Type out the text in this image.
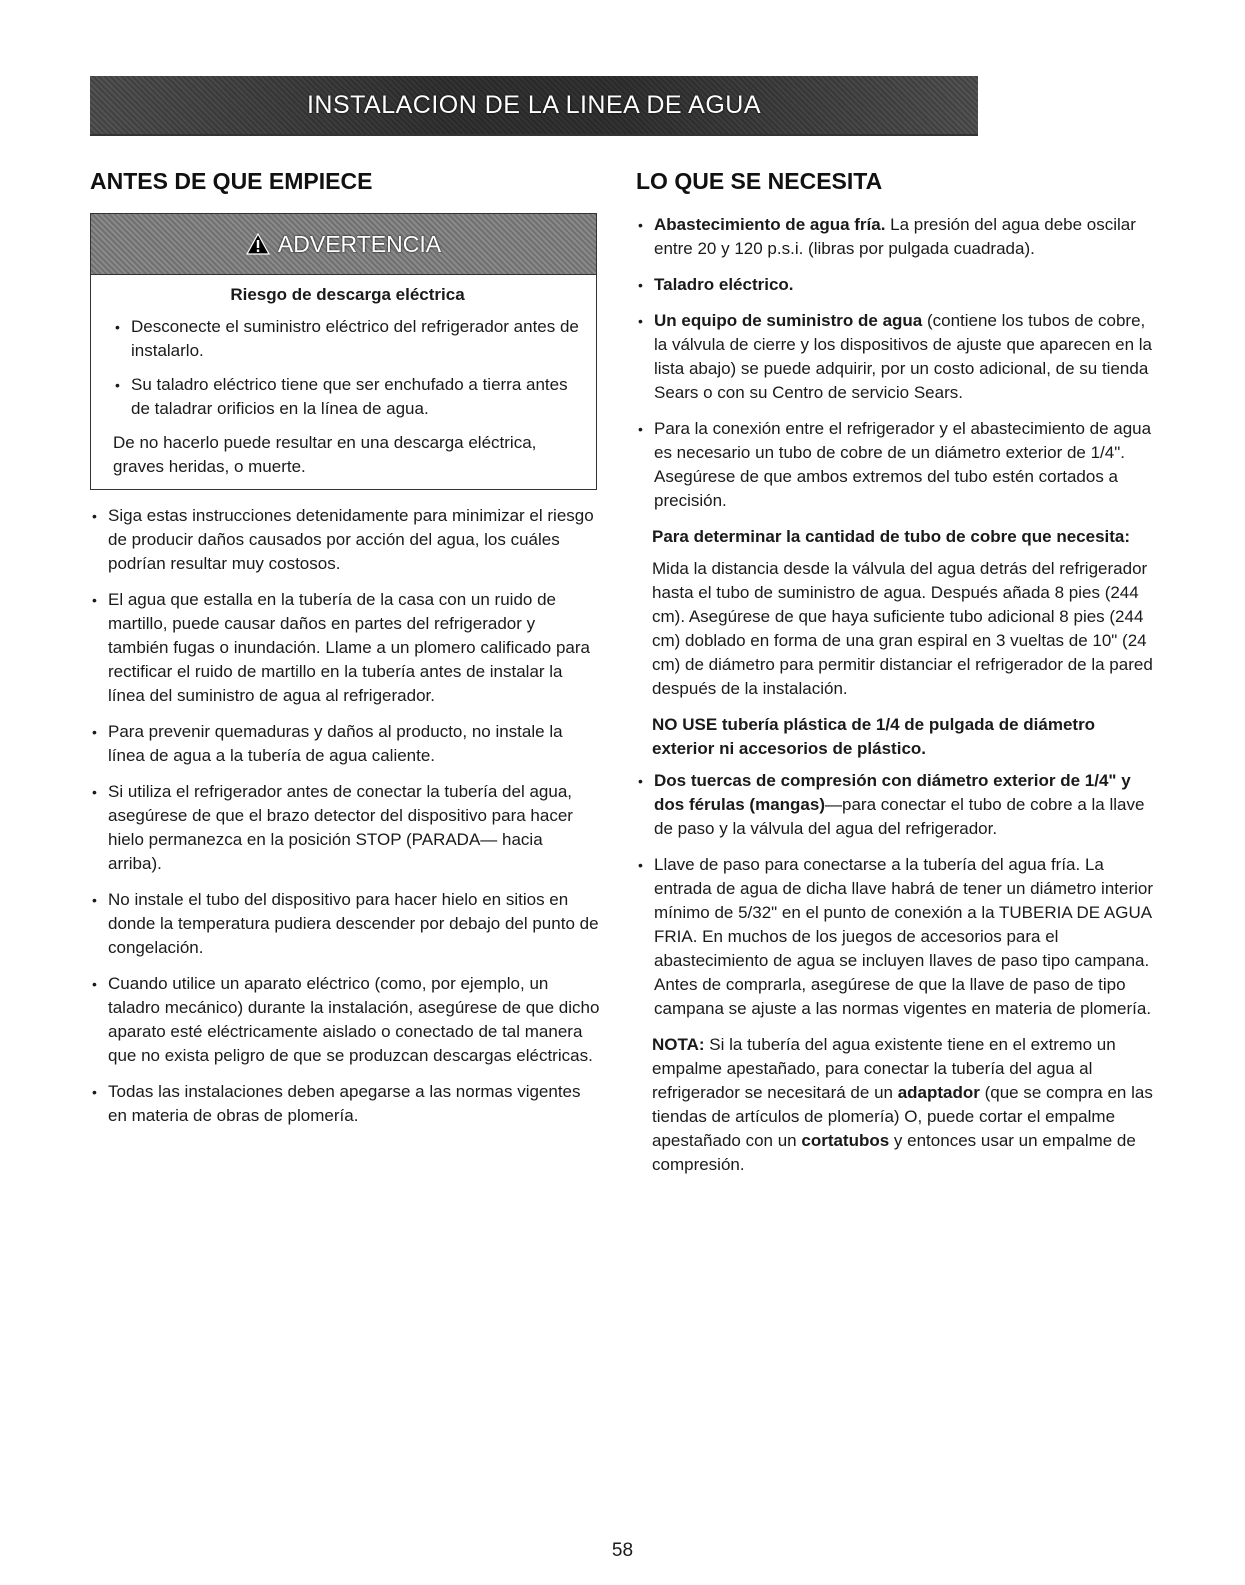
INSTALACION DE LA LINEA DE AGUA
ANTES DE QUE EMPIECE
ADVERTENCIA

Riesgo de descarga eléctrica

• Desconecte el suministro eléctrico del refrigerador antes de instalarlo.
• Su taladro eléctrico tiene que ser enchufado a tierra antes de taladrar orificios en la línea de agua.

De no hacerlo puede resultar en una descarga eléctrica, graves heridas, o muerte.

• Siga estas instrucciones detenidamente para minimizar el riesgo de producir daños causados por acción del agua, los cuáles podrían resultar muy costosos.
• El agua que estalla en la tubería de la casa con un ruido de martillo, puede causar daños en partes del refrigerador y también fugas o inundación. Llame a un plomero calificado para rectificar el ruido de martillo en la tubería antes de instalar la línea del suministro de agua al refrigerador.
• Para prevenir quemaduras y daños al producto, no instale la línea de agua a la tubería de agua caliente.
• Si utiliza el refrigerador antes de conectar la tubería del agua, asegúrese de que el brazo detector del dispositivo para hacer hielo permanezca en la posición STOP (PARADA— hacia arriba).
• No instale el tubo del dispositivo para hacer hielo en sitios en donde la temperatura pudiera descender por debajo del punto de congelación.
• Cuando utilice un aparato eléctrico (como, por ejemplo, un taladro mecánico) durante la instalación, asegúrese de que dicho aparato esté eléctricamente aislado o conectado de tal manera que no exista peligro de que se produzcan descargas eléctricas.
• Todas las instalaciones deben apegarse a las normas vigentes en materia de obras de plomería.
LO QUE SE NECESITA
• Abastecimiento de agua fría. La presión del agua debe oscilar entre 20 y 120 p.s.i. (libras por pulgada cuadrada).
• Taladro eléctrico.
• Un equipo de suministro de agua (contiene los tubos de cobre, la válvula de cierre y los dispositivos de ajuste que aparecen en la lista abajo) se puede adquirir, por un costo adicional, de su tienda Sears o con su Centro de servicio Sears.
• Para la conexión entre el refrigerador y el abastecimiento de agua es necesario un tubo de cobre de un diámetro exterior de 1/4". Asegúrese de que ambos extremos del tubo estén cortados a precisión.

Para determinar la cantidad de tubo de cobre que necesita:

Mida la distancia desde la válvula del agua detrás del refrigerador hasta el tubo de suministro de agua. Después añada 8 pies (244 cm). Asegúrese de que haya suficiente tubo adicional 8 pies (244 cm) doblado en forma de una gran espiral en 3 vueltas de 10" (24 cm) de diámetro para permitir distanciar el refrigerador de la pared después de la instalación.

NO USE tubería plástica de 1/4 de pulgada de diámetro exterior ni accesorios de plástico.

• Dos tuercas de compresión con diámetro exterior de 1/4" y dos férulas (mangas)—para conectar el tubo de cobre a la llave de paso y la válvula del agua del refrigerador.
• Llave de paso para conectarse a la tubería del agua fría. La entrada de agua de dicha llave habrá de tener un diámetro interior mínimo de 5/32" en el punto de conexión a la TUBERIA DE AGUA FRIA. En muchos de los juegos de accesorios para el abastecimiento de agua se incluyen llaves de paso tipo campana. Antes de comprarla, asegúrese de que la llave de paso de tipo campana se ajuste a las normas vigentes en materia de plomería.

NOTA: Si la tubería del agua existente tiene en el extremo un empalme apestañado, para conectar la tubería del agua al refrigerador se necesitará de un adaptador (que se compra en las tiendas de artículos de plomería) O, puede cortar el empalme apestañado con un cortatubos y entonces usar un empalme de compresión.

58
